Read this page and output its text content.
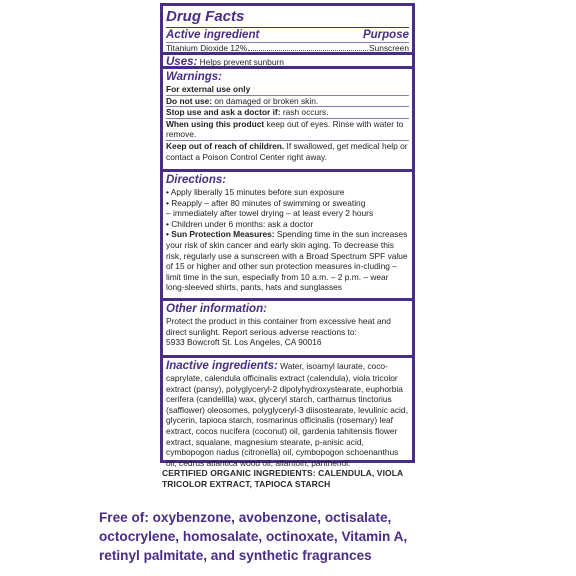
Drug Facts

Active ingredient	Purpose
Titanium Dioxide 12%	Sunscreen

Uses: Helps prevent sunburn

Warnings:

For external use only

Do not use: on damaged or broken skin.

Stop use and ask a doctor if: rash occurs.

When using this product keep out of eyes. Rinse with water to remove.

Keep out of reach of children. If swallowed, get medical help or contact a Poison Control Center right away.

Directions:

• Apply liberally 15 minutes before sun exposure

• Reapply – after 80 minutes of swimming or sweating

– immediately after towel drying – at least every 2 hours

• Children under 6 months: ask a doctor

• Sun Protection Measures: Spending time in the sun increases your risk of skin cancer and early skin aging. To decrease this risk, regularly use a sunscreen with a Broad Spectrum SPF value of 15 or higher and other sun protection measures in-cluding – limit time in the sun, especially from 10 a.m. – 2 p.m. – wear long-sleeved shirts, pants, hats and sunglasses

Other information:

Protect the product in this container from excessive heat and direct sunlight. Report serious adverse reactions to:

5933 Bowcroft St. Los Angeles, CA 90016

Inactive ingredients: Water, isoamyl laurate, coco-caprylate, calendula officinalis extract (calendula), viola tricolor extract (pansy), polyglyceryl-2 dipolyhydroxystearate, euphorbia cerifera (candelilla) wax, glyceryl starch, carthamus tinctorius (safflower) oleosomes, polyglyceryl-3 diisostearate, levulinic acid, glycerin, tapioca starch, rosmarinus officinalis (rosemary) leaf extract, cocos nucifera (coconut) oil, gardenia tahitensis flower extract, squalane, magnesium stearate, p-anisic acid, cymbopogon nadus (citronella) oil, cymbopogon schoenanthus oil, cedrus atlantica wood oil, allantoin, panthenol.

CERTIFIED ORGANIC INGREDIENTS: CALENDULA, VIOLA TRICOLOR EXTRACT, TAPIOCA STARCH

Free of: oxybenzone, avobenzone, octisalate,

octocrylene, homosalate, octinoxate, Vitamin A,

retinyl palmitate, and synthetic fragrances
